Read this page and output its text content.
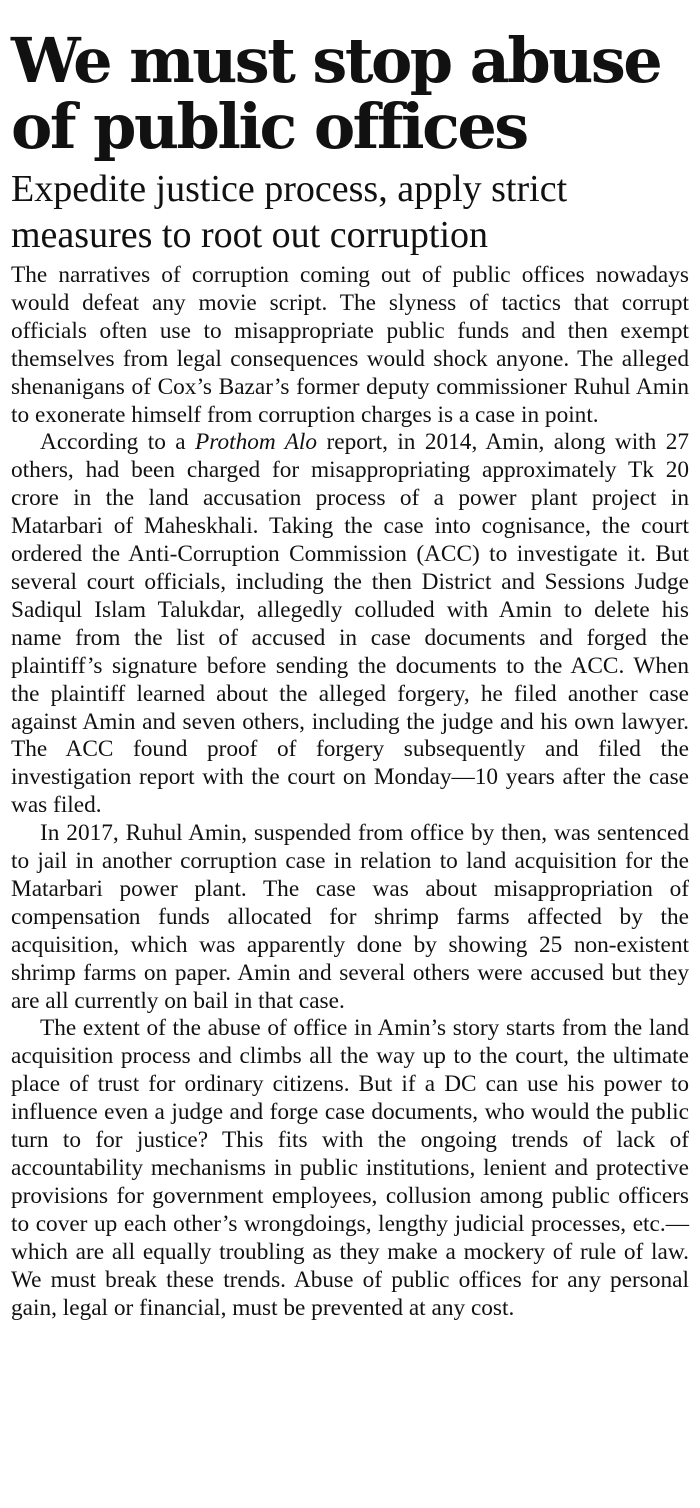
We must stop abuse of public offices
Expedite justice process, apply strict measures to root out corruption

The narratives of corruption coming out of public offices nowadays would defeat any movie script. The slyness of tactics that corrupt officials often use to misappropriate public funds and then exempt themselves from legal consequences would shock anyone. The alleged shenanigans of Cox’s Bazar’s former deputy commissioner Ruhul Amin to exonerate himself from corruption charges is a case in point.

According to a Prothom Alo report, in 2014, Amin, along with 27 others, had been charged for misappropriating approximately Tk 20 crore in the land accusation process of a power plant project in Matarbari of Maheskhali. Taking the case into cognisance, the court ordered the Anti-Corruption Commission (ACC) to investigate it. But several court officials, including the then District and Sessions Judge Sadiqul Islam Talukdar, allegedly colluded with Amin to delete his name from the list of accused in case documents and forged the plaintiff’s signature before sending the documents to the ACC. When the plaintiff learned about the alleged forgery, he filed another case against Amin and seven others, including the judge and his own lawyer. The ACC found proof of forgery subsequently and filed the investigation report with the court on Monday—10 years after the case was filed.

In 2017, Ruhul Amin, suspended from office by then, was sentenced to jail in another corruption case in relation to land acquisition for the Matarbari power plant. The case was about misappropriation of compensation funds allocated for shrimp farms affected by the acquisition, which was apparently done by showing 25 non-existent shrimp farms on paper. Amin and several others were accused but they are all currently on bail in that case.

The extent of the abuse of office in Amin’s story starts from the land acquisition process and climbs all the way up to the court, the ultimate place of trust for ordinary citizens. But if a DC can use his power to influence even a judge and forge case documents, who would the public turn to for justice? This fits with the ongoing trends of lack of accountability mechanisms in public institutions, lenient and protective provisions for government employees, collusion among public officers to cover up each other’s wrongdoings, lengthy judicial processes, etc.—which are all equally troubling as they make a mockery of rule of law. We must break these trends. Abuse of public offices for any personal gain, legal or financial, must be prevented at any cost.
